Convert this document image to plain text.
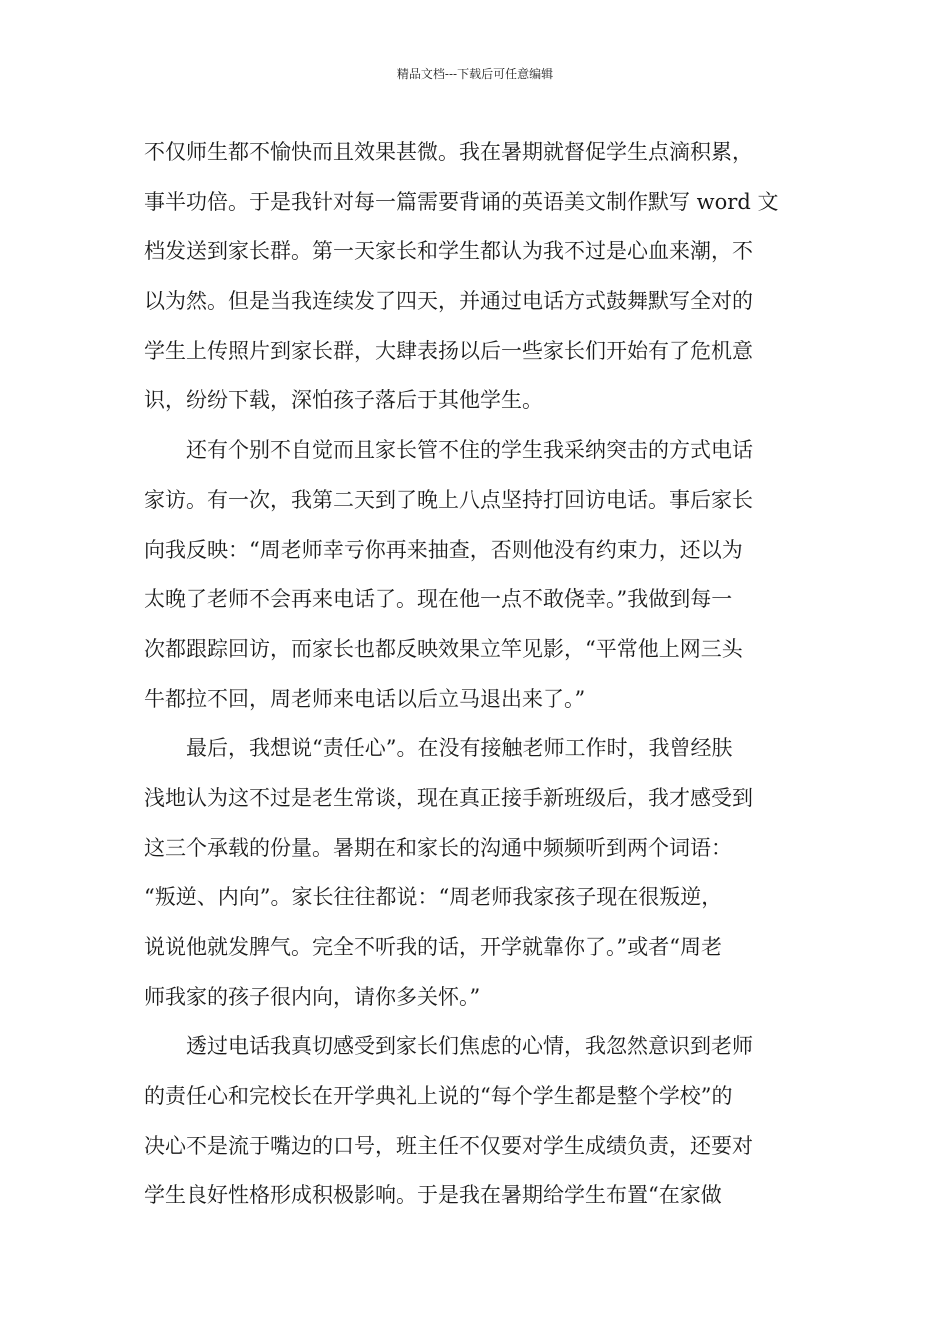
精品文档---下载后可任意编辑
不仅师生都不愉快而且效果甚微。我在暑期就督促学生点滴积累，
事半功倍。于是我针对每一篇需要背诵的英语美文制作默写 word 文
档发送到家长群。第一天家长和学生都认为我不过是心血来潮，不
以为然。但是当我连续发了四天，并通过电话方式鼓舞默写全对的
学生上传照片到家长群，大肆表扬以后一些家长们开始有了危机意
识，纷纷下载，深怕孩子落后于其他学生。
还有个别不自觉而且家长管不住的学生我采纳突击的方式电话
家访。有一次，我第二天到了晚上八点坚持打回访电话。事后家长
向我反映：“周老师幸亏你再来抽查，否则他没有约束力，还以为
太晚了老师不会再来电话了。现在他一点不敢侥幸。”我做到每一
次都跟踪回访，而家长也都反映效果立竿见影，“平常他上网三头
牛都拉不回，周老师来电话以后立马退出来了。”
最后，我想说“责任心”。在没有接触老师工作时，我曾经肤
浅地认为这不过是老生常谈，现在真正接手新班级后，我才感受到
这三个承载的份量。暑期在和家长的沟通中频频听到两个词语：
“叛逆、内向”。家长往往都说：“周老师我家孩子现在很叛逆，
说说他就发脾气。完全不听我的话，开学就靠你了。”或者“周老
师我家的孩子很内向，请你多关怀。”
透过电话我真切感受到家长们焦虑的心情，我忽然意识到老师
的责任心和完校长在开学典礼上说的“每个学生都是整个学校”的
决心不是流于嘴边的口号，班主任不仅要对学生成绩负责，还要对
学生良好性格形成积极影响。于是我在暑期给学生布置“在家做
